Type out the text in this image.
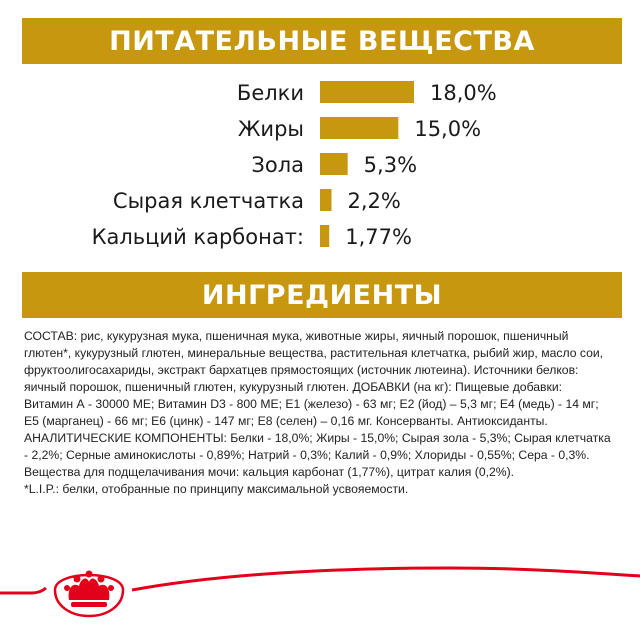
ПИТАТЕЛЬНЫЕ ВЕЩЕСТВА
Белки	18,0%
Жиры	15,0%
Зола	5,3%
Сырая клетчатка 2,2%
Кальций карбонат: 1,77%
ИНГРЕДИЕНТЫ

СОСТАВ: рис, кукурузная мука, пшеничная мука, животные жиры, яичный порошок, пшеничный глютен*, кукурузный глютен, минеральные вещества, растительная клетчатка, рыбий жир, масло сои, фруктоолигосахариды, экстракт бархатцев прямостоящих (источник лютеина). Источники белков: яичный порошок, пшеничный глютен, кукурузный глютен. ДОБАВКИ (на кг): Пищевые добавки: Витамин А - 30000 МЕ; Витамин D3 - 800 МЕ; Е1 (железо) - 63 мг; Е2 (йод) – 5,3 мг; Е4 (медь) - 14 мг; Е5 (марганец) - 66 мг; Е6 (цинк) - 147 мг; Е8 (селен) – 0,16 мг. Консерванты. Антиоксиданты. АНАЛИТИЧЕСКИЕ КОМПОНЕНТЫ: Белки - 18,0%; Жиры - 15,0%; Сырая зола - 5,3%; Сырая клетчатка - 2,2%; Серные аминокислоты - 0,89%; Натрий - 0,3%; Калий - 0,9%; Хлориды - 0,55%; Сера - 0,3%.

Вещества для подщелачивания мочи: кальция карбонат (1,77%), цитрат калия (0,2%).

*L.I.P.: белки, отобранные по принципу максимальной усвояемости.
